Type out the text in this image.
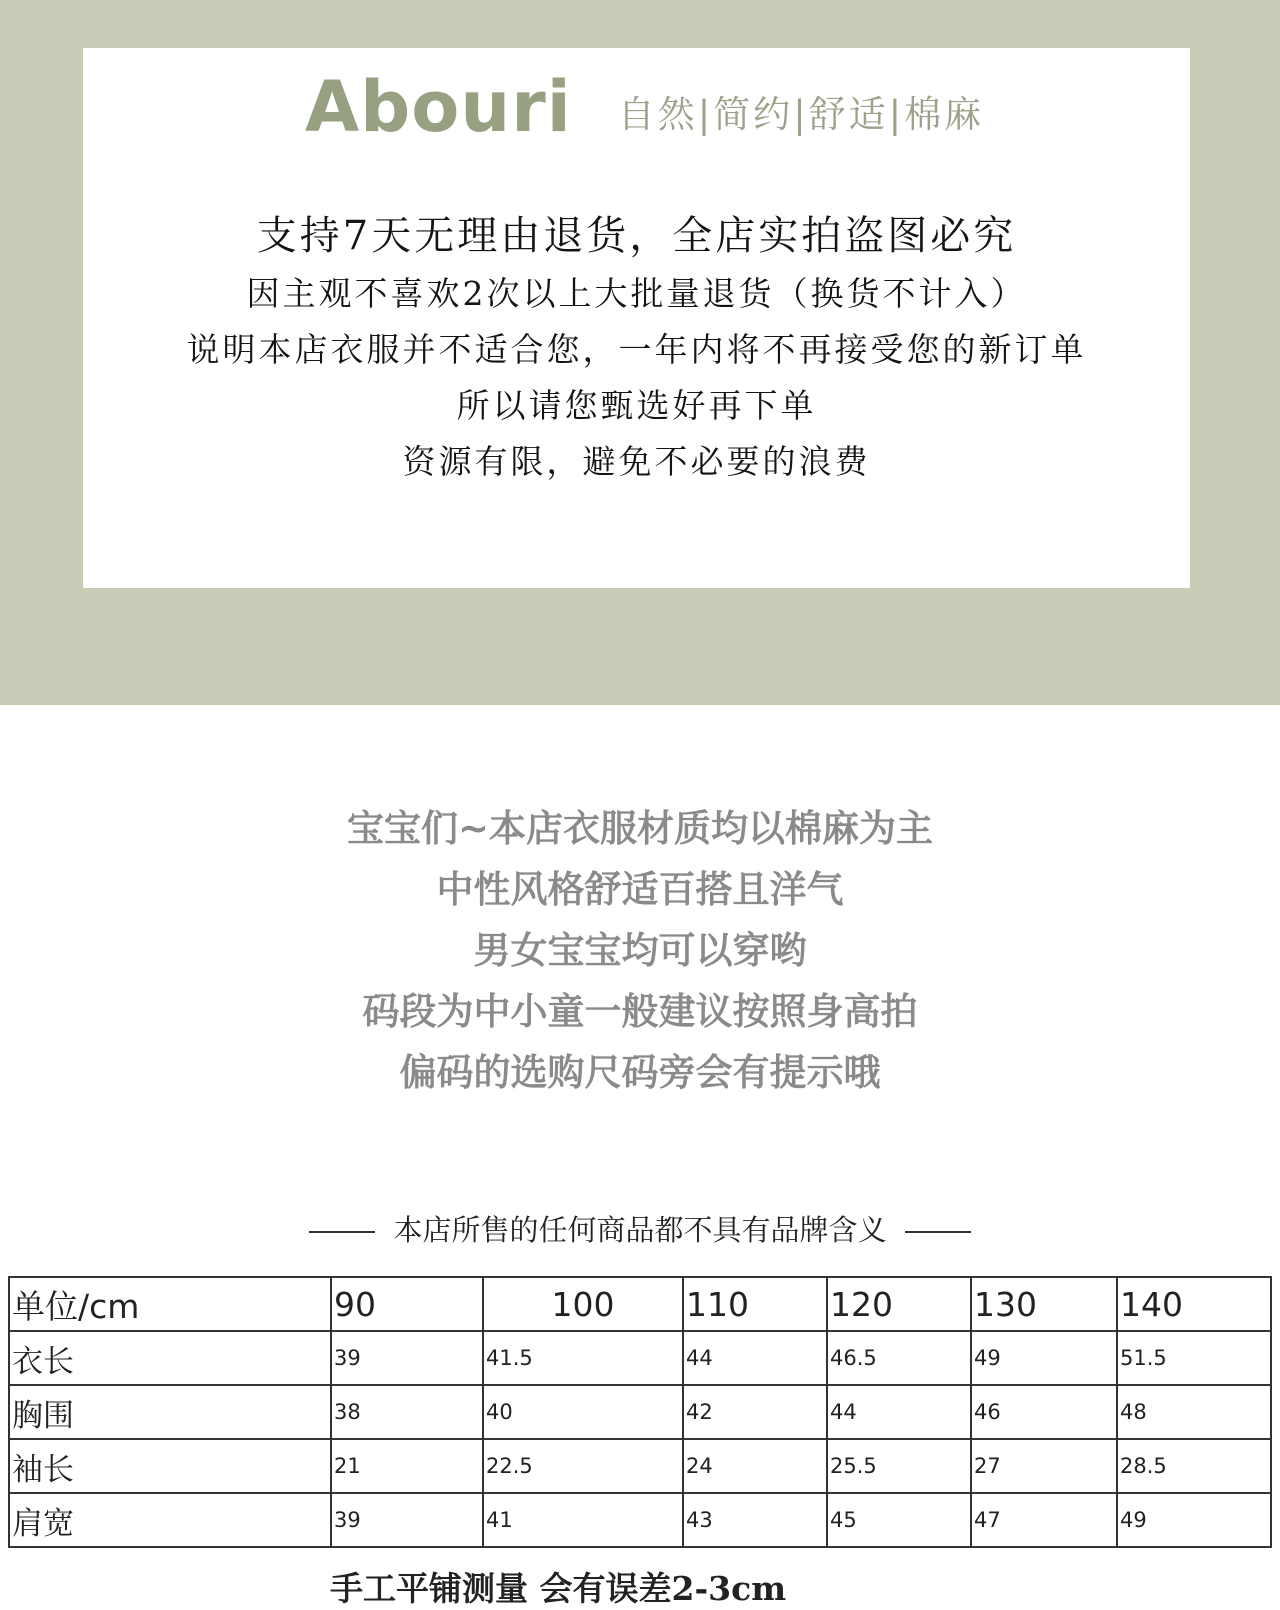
支持7天无理由退货，全店实拍盗图必究
因主观不喜欢2次以上大批量退货（换货不计入）
说明本店衣服并不适合您，一年内将不再接受您的新订单
所以请您甄选好再下单
资源有限，避免不必要的浪费
Abouri 自然|简约|舒适|棉麻
宝宝们~本店衣服材质均以棉麻为主
中性风格舒适百搭且洋气
男女宝宝均可以穿哟
码段为中小童一般建议按照身高拍
偏码的选购尺码旁会有提示哦
本店所售的任何商品都不具有品牌含义
单位/cm	90	100	110	120	130	140
衣长	39	41.5	44	46.5	49	51.5
胸围	38	40	42	44	46	48
袖长	21	22.5	24	25.5	27	28.5
肩宽	39	41	43	45	47	49
手工平铺测量 会有误差2-3cm
